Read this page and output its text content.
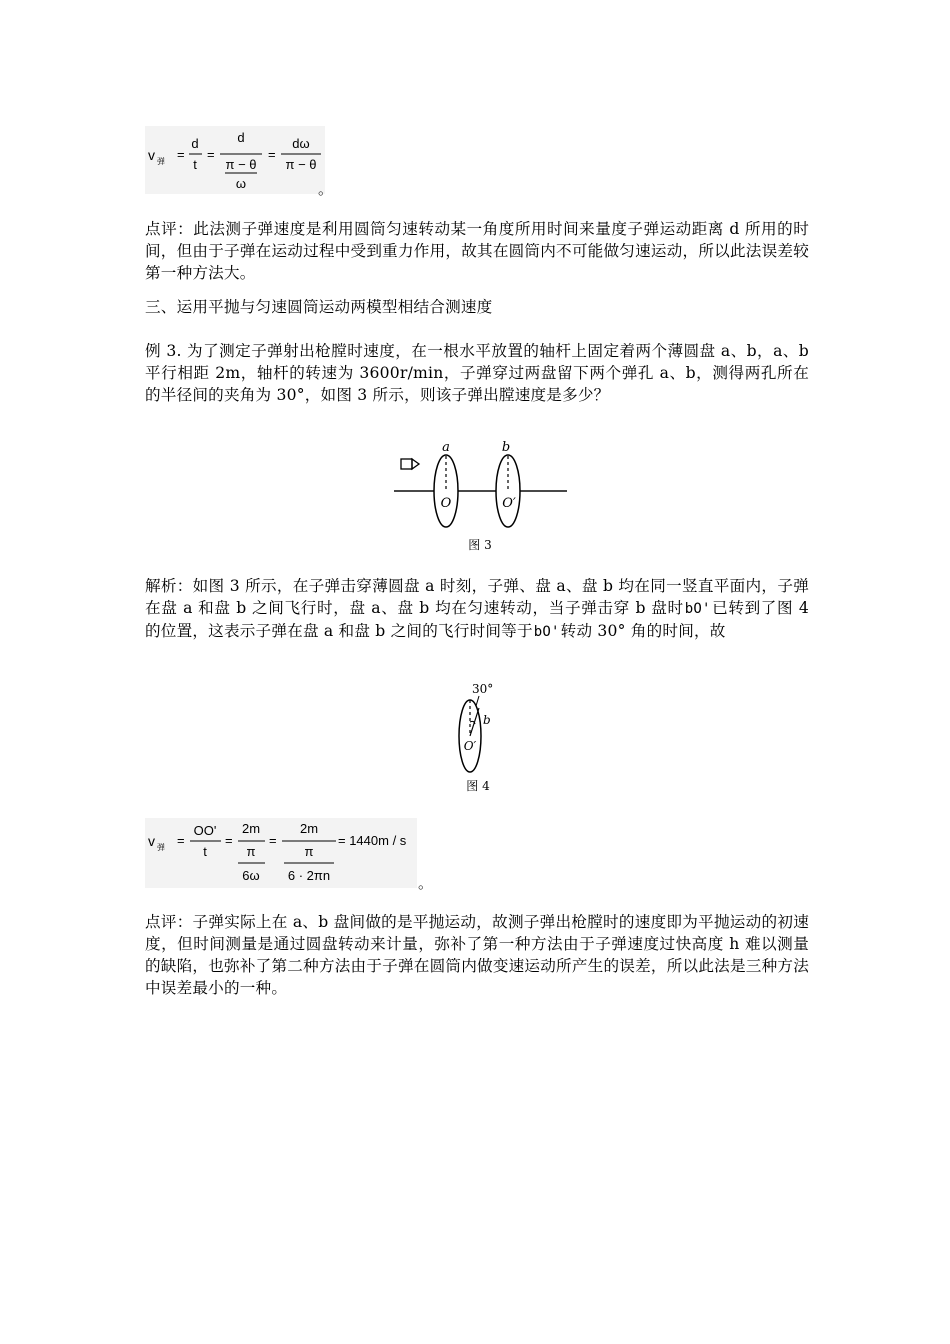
v 弹 =
d
t
=
d
π − θ
ω
=
dω
π − θ
。

点评：此法测子弹速度是利用圆筒匀速转动某一角度所用时间来量度子弹运动距离 d 所用的时间，但由于子弹在运动过程中受到重力作用，故其在圆筒内不可能做匀速运动，所以此法误差较第一种方法大。

三、运用平抛与匀速圆筒运动两模型相结合测速度

例 3. 为了测定子弹射出枪膛时速度，在一根水平放置的轴杆上固定着两个薄圆盘 a、b，a、b 平行相距 2m，轴杆的转速为 3600r/min，子弹穿过两盘留下两个弹孔 a、b，测得两孔所在的半径间的夹角为 30°，如图 3 所示，则该子弹出膛速度是多少？

a	b
O	O′
图 3

解析：如图 3 所示，在子弹击穿薄圆盘 a 时刻，子弹、盘 a、盘 b 均在同一竖直平面内，子弹在盘 a 和盘 b 之间飞行时，盘 a、盘 b 均在匀速转动，当子弹击穿 b 盘时bO'已转到了图 4 的位置，这表示子弹在盘 a 和盘 b 之间的飞行时间等于bO'转动 30° 角的时间，故

30°
b
O′
图 4
v 弹 =
OO'
t
=
2m
π
6ω
=
2m
π
6 · 2πn
= 1440m / s
。

点评：子弹实际上在 a、b 盘间做的是平抛运动，故测子弹出枪膛时的速度即为平抛运动的初速度，但时间测量是通过圆盘转动来计量，弥补了第一种方法由于子弹速度过快高度 h 难以测量的缺陷，也弥补了第二种方法由于子弹在圆筒内做变速运动所产生的误差，所以此法是三种方法中误差最小的一种。
